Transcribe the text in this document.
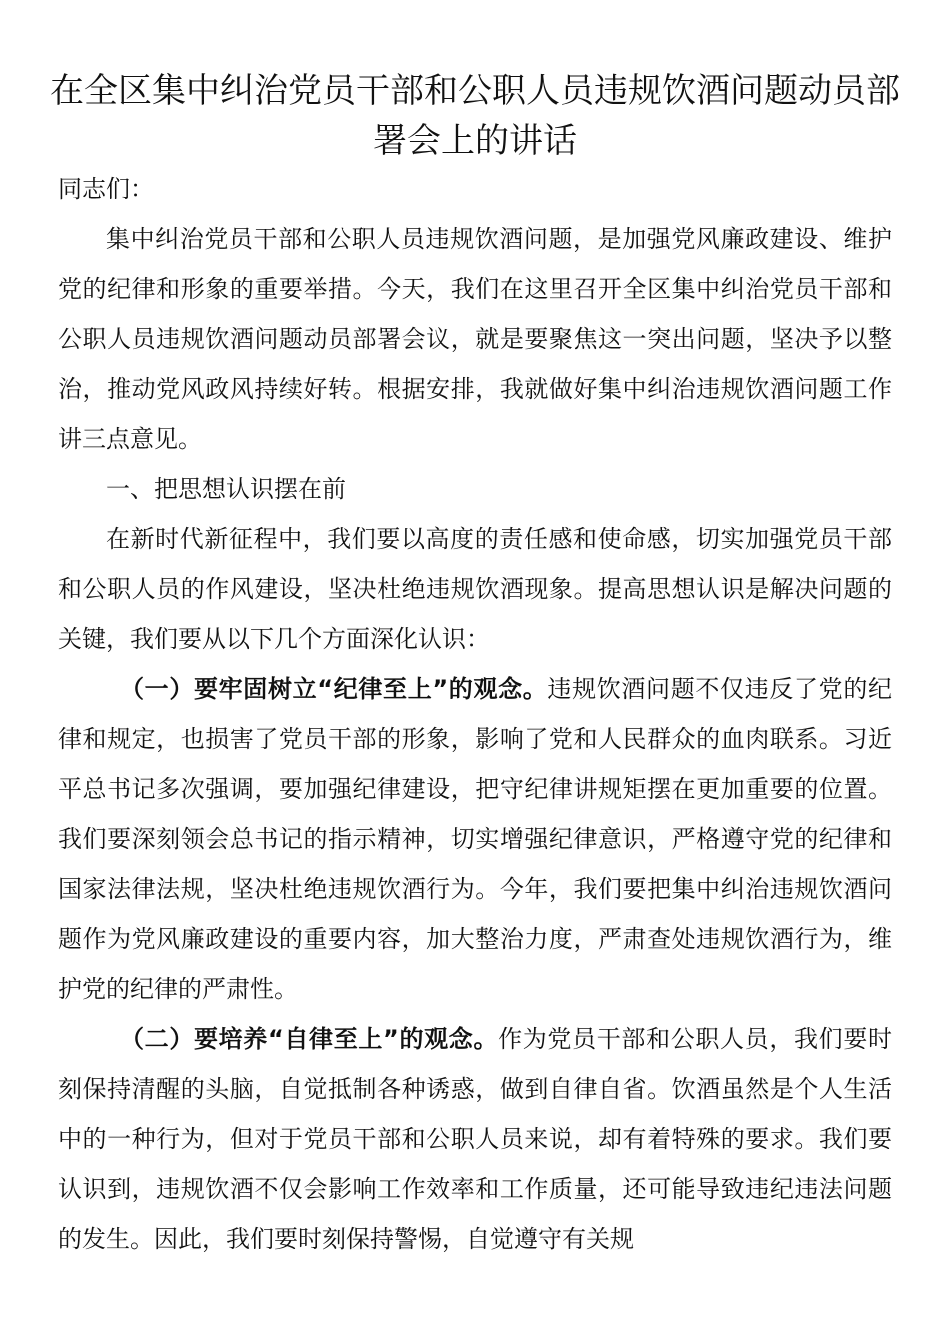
在全区集中纠治党员干部和公职人员违规饮酒问题动员部署会上的讲话

同志们：

集中纠治党员干部和公职人员违规饮酒问题，是加强党风廉政建设、维护党的纪律和形象的重要举措。今天，我们在这里召开全区集中纠治党员干部和公职人员违规饮酒问题动员部署会议，就是要聚焦这一突出问题，坚决予以整治，推动党风政风持续好转。根据安排，我就做好集中纠治违规饮酒问题工作讲三点意见。

一、把思想认识摆在前

在新时代新征程中，我们要以高度的责任感和使命感，切实加强党员干部和公职人员的作风建设，坚决杜绝违规饮酒现象。提高思想认识是解决问题的关键，我们要从以下几个方面深化认识：

（一）要牢固树立“纪律至上”的观念。违规饮酒问题不仅违反了党的纪律和规定，也损害了党员干部的形象，影响了党和人民群众的血肉联系。习近平总书记多次强调，要加强纪律建设，把守纪律讲规矩摆在更加重要的位置。我们要深刻领会总书记的指示精神，切实增强纪律意识，严格遵守党的纪律和国家法律法规，坚决杜绝违规饮酒行为。今年，我们要把集中纠治违规饮酒问题作为党风廉政建设的重要内容，加大整治力度，严肃查处违规饮酒行为，维护党的纪律的严肃性。

（二）要培养“自律至上”的观念。作为党员干部和公职人员，我们要时刻保持清醒的头脑，自觉抵制各种诱惑，做到自律自省。饮酒虽然是个人生活中的一种行为，但对于党员干部和公职人员来说，却有着特殊的要求。我们要认识到，违规饮酒不仅会影响工作效率和工作质量，还可能导致违纪违法问题的发生。因此，我们要时刻保持警惕，自觉遵守有关规
